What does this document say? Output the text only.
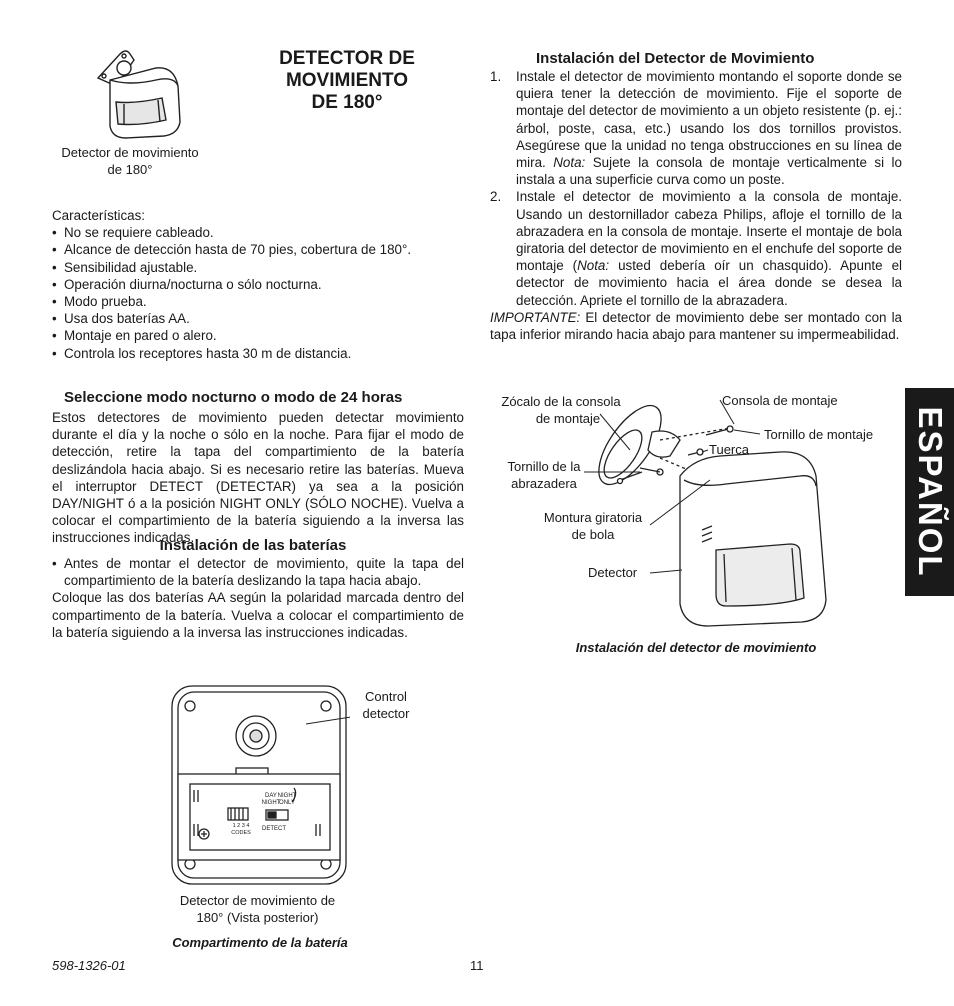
Detector de movimiento
de 180°
DETECTOR DE
MOVIMIENTO
DE 180°

Características:

• No se requiere cableado.
• Alcance de detección hasta de 70 pies, cobertura de 180°.
• Sensibilidad ajustable.
• Operación diurna/nocturna o sólo nocturna.
• Modo prueba.
• Usa dos baterías AA.
• Montaje en pared o alero.
• Controla los receptores hasta 30 m de distancia.
Seleccione modo nocturno o modo de 24 horas

Estos detectores de movimiento pueden detectar movimiento durante el día y la noche o sólo en la noche. Para fijar el modo de detección, retire la tapa del compartimiento de la batería deslizándola hacia abajo. Si es necesario retire las baterías. Mueva el interruptor DETECT (DETECTAR) ya sea a la posición DAY/NIGHT ó a la posición NIGHT ONLY (SÓLO NOCHE). Vuelva a colocar el compartimiento de la batería siguiendo a la inversa las instrucciones indicadas.

Instalación de las baterías
• Antes de montar el detector de movimiento, quite la tapa del compartimiento de la batería deslizando la tapa hacia abajo.

Coloque las dos baterías AA según la polaridad marcada dentro del compartimento de la batería. Vuelva a colocar el compartimiento de la batería siguiendo a la inversa las instrucciones indicadas.

Instalación del Detector de Movimiento
1. Instale el detector de movimiento montando el soporte donde se quiera tener la detección de movimiento. Fije el soporte de montaje del detector de movimiento a un objeto resistente (p. ej.: árbol, poste, casa, etc.) usando los dos tornillos provistos. Asegúrese que la unidad no tenga obstrucciones en su línea de mira. Nota: Sujete la consola de montaje verticalmente si lo instala a una superficie curva como un poste.
2. Instale el detector de movimiento a la consola de montaje. Usando un destornillador cabeza Philips, afloje el tornillo de la abrazadera en la consola de montaje. Inserte el montaje de bola giratoria del detector de movimiento en el enchufe del soporte de montaje (Nota: usted debería oír un chasquido). Apunte el detector de movimiento hacia el área donde se desea la detección. Apriete el tornillo de la abrazadera.

IMPORTANTE: El detector de movimiento debe ser montado con la tapa inferior mirando hacia abajo para mantener su impermeabilidad.

Zócalo de la consola
de montaje
Consola de montaje
Tornillo de montaje
Tuerca
Tornillo de la
abrazadera
Montura giratoria
de bola
Detector
Instalación del detector de movimiento
DAY
NIGHT
NIGHT
ONLY
1 2 3 4
CODES
DETECT
Control
detector
Detector de movimiento de
180° (Vista posterior)
Compartimento de la batería
ESPAÑOL
598-1326-01	11
